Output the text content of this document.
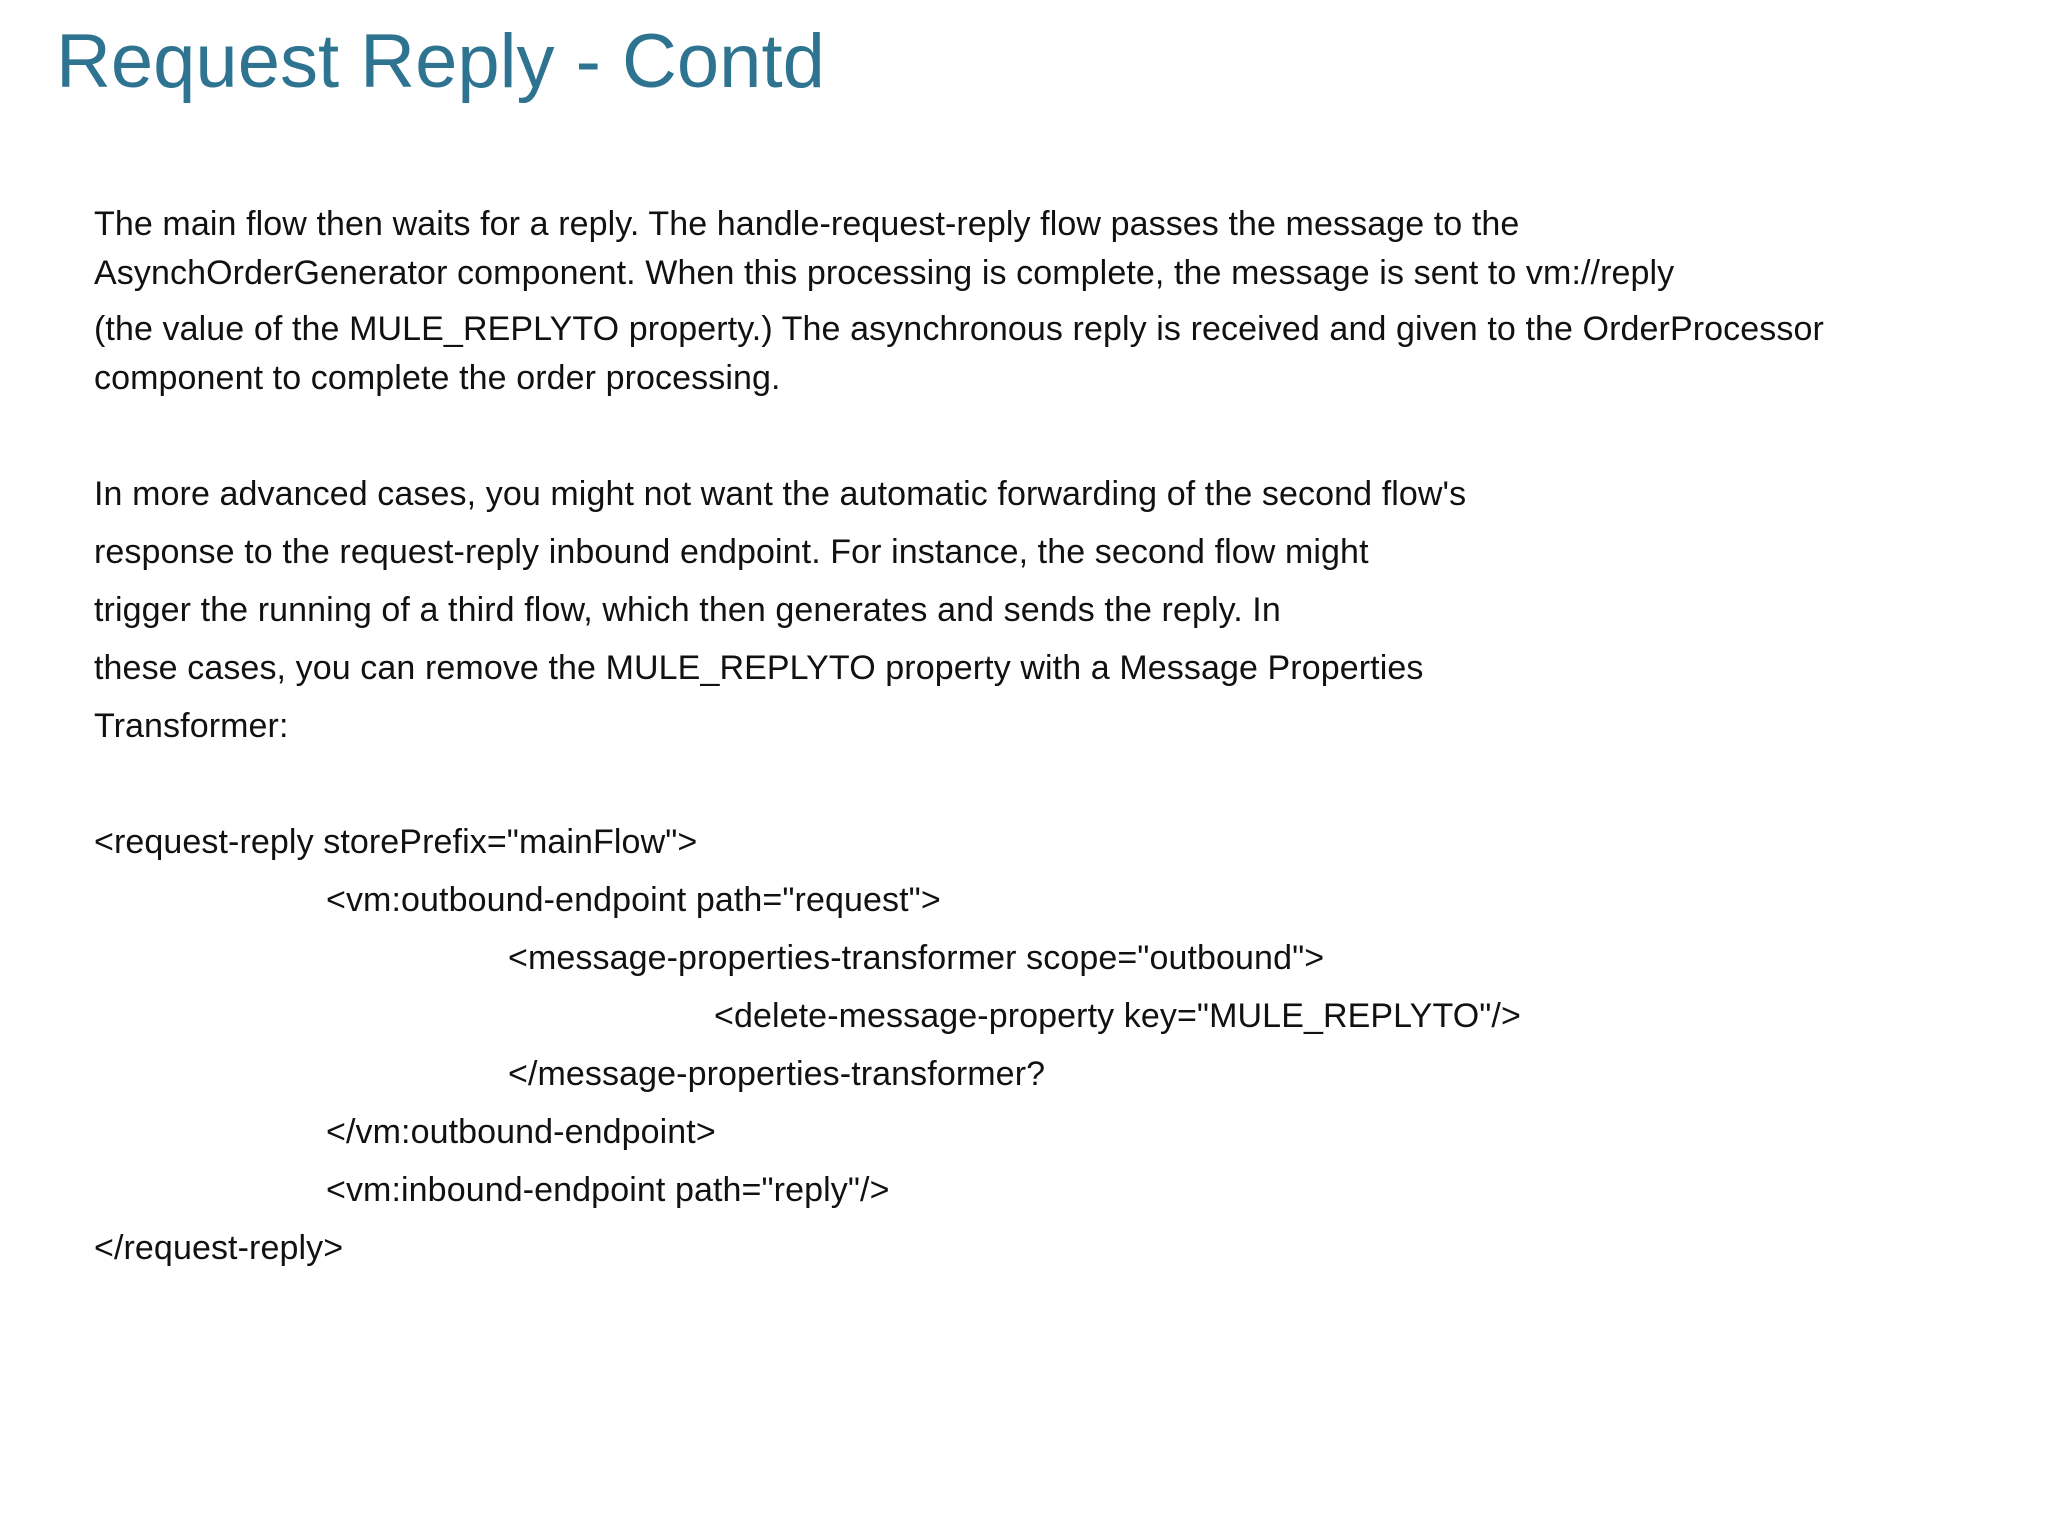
Request Reply - Contd
The main flow then waits for a reply. The handle-request-reply flow passes the message to the
AsynchOrderGenerator component. When this processing is complete, the message is sent to vm://reply
(the value of the MULE_REPLYTO property.) The asynchronous reply is received and given to the OrderProcessor
component to complete the order processing.
In more advanced cases, you might not want the automatic forwarding of the second flow's
response to the request-reply inbound endpoint. For instance, the second flow might
trigger the running of a third flow, which then generates and sends the reply. In
these cases, you can remove the MULE_REPLYTO property with a Message Properties
Transformer:
<request-reply storePrefix="mainFlow">
<vm:outbound-endpoint path="request">
<message-properties-transformer scope="outbound">
<delete-message-property key="MULE_REPLYTO"/>
</message-properties-transformer?
</vm:outbound-endpoint>
<vm:inbound-endpoint path="reply"/>
</request-reply>
